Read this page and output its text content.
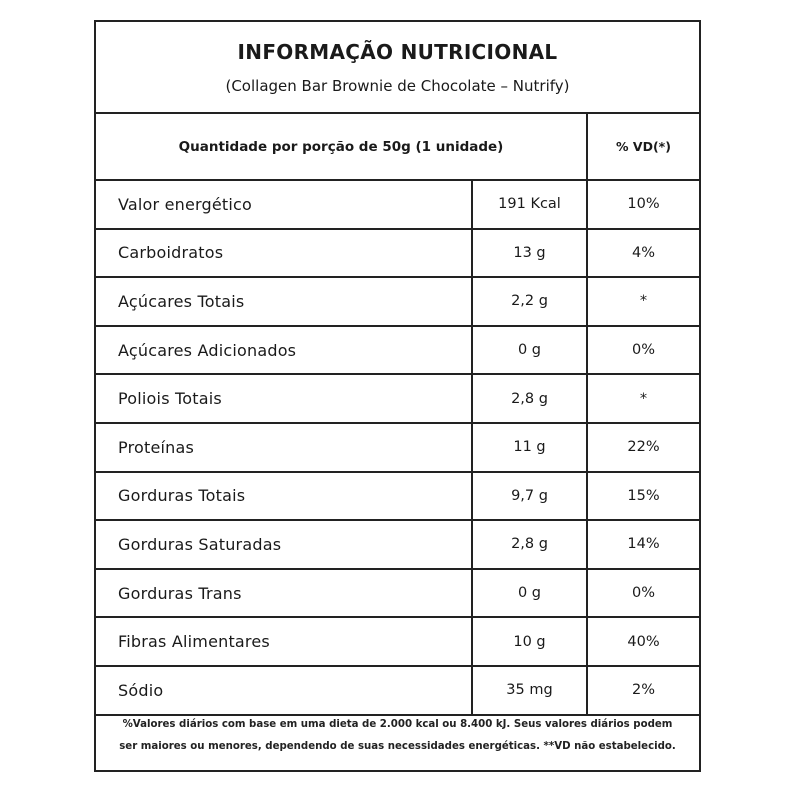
INFORMAÇÃO NUTRICIONAL
(Collagen Bar Brownie de Chocolate – Nutrify)
Quantidade por porção de 50g (1 unidade)	% VD(*)
Valor energético	191 Kcal	10%
Carboidratos	13 g	4%
Açúcares Totais	2,2 g	*
Açúcares Adicionados	0 g	0%
Poliois Totais	2,8 g	*
Proteínas	11 g	22%
Gorduras Totais	9,7 g	15%
Gorduras Saturadas	2,8 g	14%
Gorduras Trans	0 g	0%
Fibras Alimentares	10 g	40%
Sódio	35 mg	2%
%Valores diários com base em uma dieta de 2.000 kcal ou 8.400 kJ. Seus valores diários podem
ser maiores ou menores, dependendo de suas necessidades energéticas. **VD não estabelecido.
